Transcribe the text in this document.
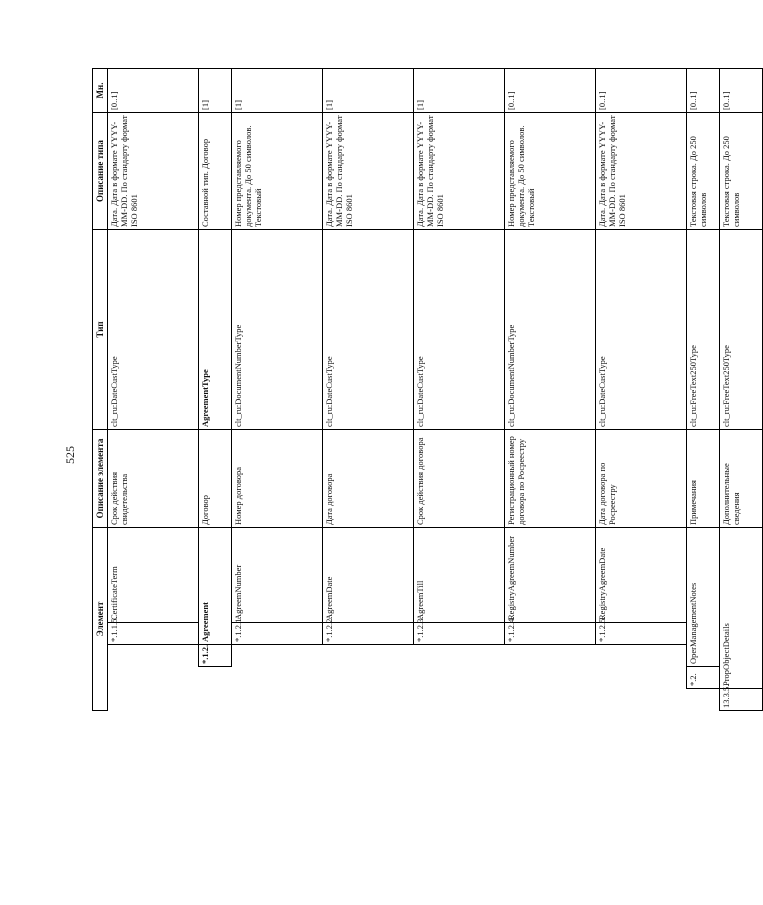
525
Элемент					Описание элемента	Тип	Описание типа	Мн.
			*.1.1.5.	CertificateTerm	Срок действия свидетельства	clt_ru:DateCustType	Дата. Дата в формате YYYY-MM-DD. По стандарту формат ISO 8601	[0..1]
		*.1.2.	Agreement		Договор	AgreementType	Составной тип. Договор	[1]
			*.1.2.1.	AgreemNumber	Номер договора	clt_ru:DocumentNumberType	Номер представляемого документа. До 50 символов. Текстовый	[1]
			*.1.2.2.	AgreemDate	Дата договора	clt_ru:DateCustType	Дата. Дата в формате YYYY-MM-DD. По стандарту формат ISO 8601	[1]
			*.1.2.3.	AgreemTill	Срок действия договора	clt_ru:DateCustType	Дата. Дата в формате YYYY-MM-DD. По стандарту формат ISO 8601	[1]
			*.1.2.4.	RegistryAgreemNumber	Регистрационный номер договора по Росреестру	clt_ru:DocumentNumberType	Номер представляемого документа. До 50 символов. Текстовый	[0..1]
			*.1.2.5.	RegistryAgreemDate	Дата договора по Росреестру	clt_ru:DateCustType	Дата. Дата в формате YYYY-MM-DD. По стандарту формат ISO 8601	[0..1]
	*.2.	OperManagementNotes			Примечания	clt_ru:FreeText250Type	Текстовая строка. До 250 символов	[0..1]
13.3.5.	PropObjectDetails				Дополнительные сведения	clt_ru:FreeText250Type	Текстовая строка. До 250 символов	[0..1]
